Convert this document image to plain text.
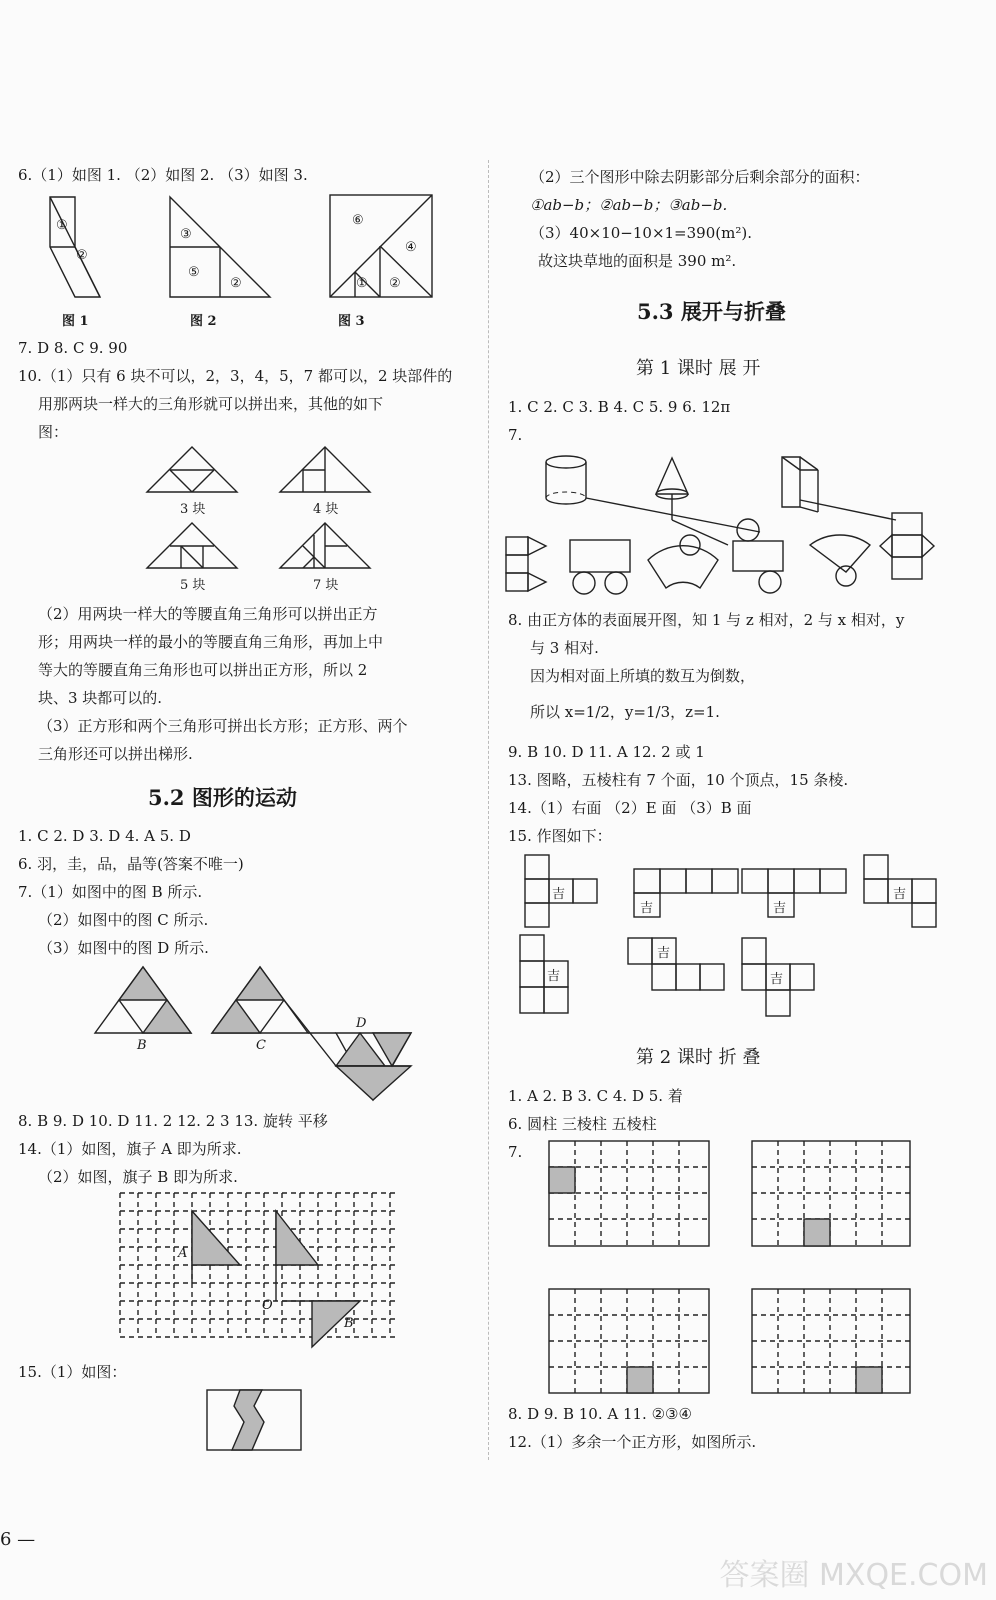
6.（1）如图 1. （2）如图 2. （3）如图 3.
①
②
图 1
③
⑤
②
图 2
⑥
④
① ②
图 3
7. D 8. C 9. 90
10.（1）只有 6 块不可以，2，3，4，5，7 都可以，2 块部件的
用那两块一样大的三角形就可以拼出来，其他的如下
图：
3 块	4 块
5 块	7 块
（2）用两块一样大的等腰直角三角形可以拼出正方
形；用两块一样的最小的等腰直角三角形，再加上中
等大的等腰直角三角形也可以拼出正方形，所以 2
块、3 块都可以的.
（3）正方形和两个三角形可拼出长方形；正方形、两个
三角形还可以拼出梯形.
5.2 图形的运动
1. C 2. D 3. D 4. A 5. D
6. 羽，圭，品，晶等(答案不唯一)
7.（1）如图中的图 B 所示.
（2）如图中的图 C 所示.
（3）如图中的图 D 所示.
B	C
D
8. B 9. D 10. D 11. 2 12. 2 3 13. 旋转 平移
14.（1）如图，旗子 A 即为所求.
（2）如图，旗子 B 即为所求.
A
O
B
15.（1）如图：
6 —
（2）三个图形中除去阴影部分后剩余部分的面积：
①ab−b；②ab−b；③ab−b.
（3）40×10−10×1=390(m²).
故这块草地的面积是 390 m².
5.3 展开与折叠
第 1 课时 展 开
1. C 2. C 3. B 4. C 5. 9 6. 12π
7.
8. 由正方体的表面展开图，知 1 与 z 相对，2 与 x 相对，y
与 3 相对.
因为相对面上所填的数互为倒数，
所以 x=1/2，y=1/3，z=1.
9. B 10. D 11. A 12. 2 或 1
13. 图略，五棱柱有 7 个面，10 个顶点，15 条棱.
14.（1）右面 （2）E 面 （3）B 面
15. 作图如下：
吉
吉	吉
吉
吉
吉
吉
第 2 课时 折 叠
1. A 2. B 3. C 4. D 5. 着
6. 圆柱 三棱柱 五棱柱
7.
8. D 9. B 10. A 11. ②③④
12.（1）多余一个正方形，如图所示.
答案圈 MXQE.COM
